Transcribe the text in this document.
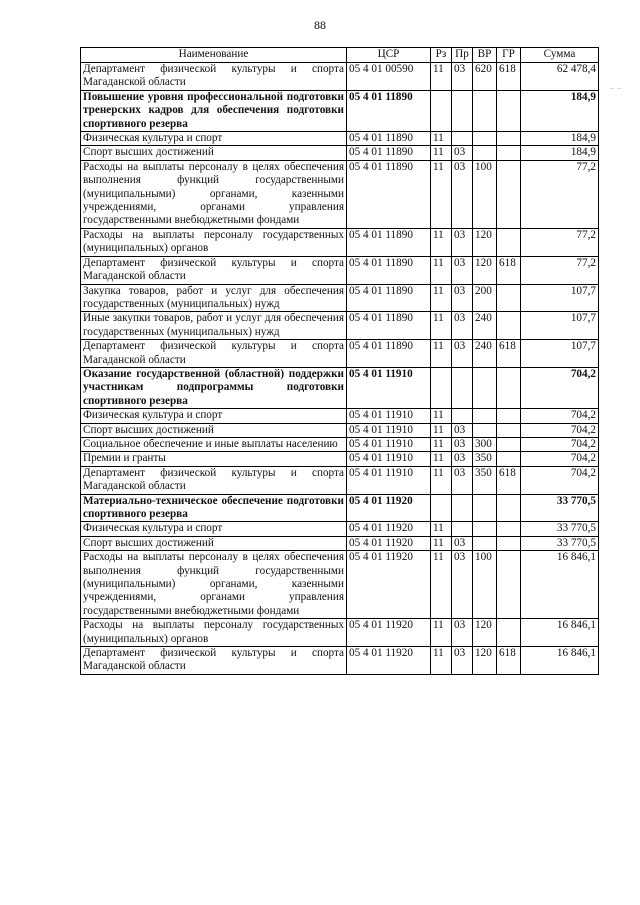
88
⁻ ⁻
Наименование	ЦСР	Рз	Пр	ВР	ГР	Сумма
Департамент физической культуры и спорта Магаданской области	05 4 01 00590	11	03	620	618	62 478,4
Повышение уровня профессиональной подготовки тренерских кадров для обеспечения подготовки спортивного резерва	05 4 01 11890					184,9
Физическая культура и спорт	05 4 01 11890	11				184,9
Спорт высших достижений	05 4 01 11890	11	03			184,9
Расходы на выплаты персоналу в целях обеспечения выполнения функций государственными (муниципальными) органами, казенными учреждениями, органами управления государственными внебюджетными фондами	05 4 01 11890	11	03	100		77,2
Расходы на выплаты персоналу государственных (муниципальных) органов	05 4 01 11890	11	03	120		77,2
Департамент физической культуры и спорта Магаданской области	05 4 01 11890	11	03	120	618	77,2
Закупка товаров, работ и услуг для обеспечения государственных (муниципальных) нужд	05 4 01 11890	11	03	200		107,7
Иные закупки товаров, работ и услуг для обеспечения государственных (муниципальных) нужд	05 4 01 11890	11	03	240		107,7
Департамент физической культуры и спорта Магаданской области	05 4 01 11890	11	03	240	618	107,7
Оказание государственной (областной) поддержки участникам подпрограммы подготовки спортивного резерва	05 4 01 11910					704,2
Физическая культура и спорт	05 4 01 11910	11				704,2
Спорт высших достижений	05 4 01 11910	11	03			704,2
Социальное обеспечение и иные выплаты населению	05 4 01 11910	11	03	300		704,2
Премии и гранты	05 4 01 11910	11	03	350		704,2
Департамент физической культуры и спорта Магаданской области	05 4 01 11910	11	03	350	618	704,2
Материально-техническое обеспечение подготовки спортивного резерва	05 4 01 11920					33 770,5
Физическая культура и спорт	05 4 01 11920	11				33 770,5
Спорт высших достижений	05 4 01 11920	11	03			33 770,5
Расходы на выплаты персоналу в целях обеспечения выполнения функций государственными (муниципальными) органами, казенными учреждениями, органами управления государственными внебюджетными фондами	05 4 01 11920	11	03	100		16 846,1
Расходы на выплаты персоналу государственных (муниципальных) органов	05 4 01 11920	11	03	120		16 846,1
Департамент физической культуры и спорта Магаданской области	05 4 01 11920	11	03	120	618	16 846,1
